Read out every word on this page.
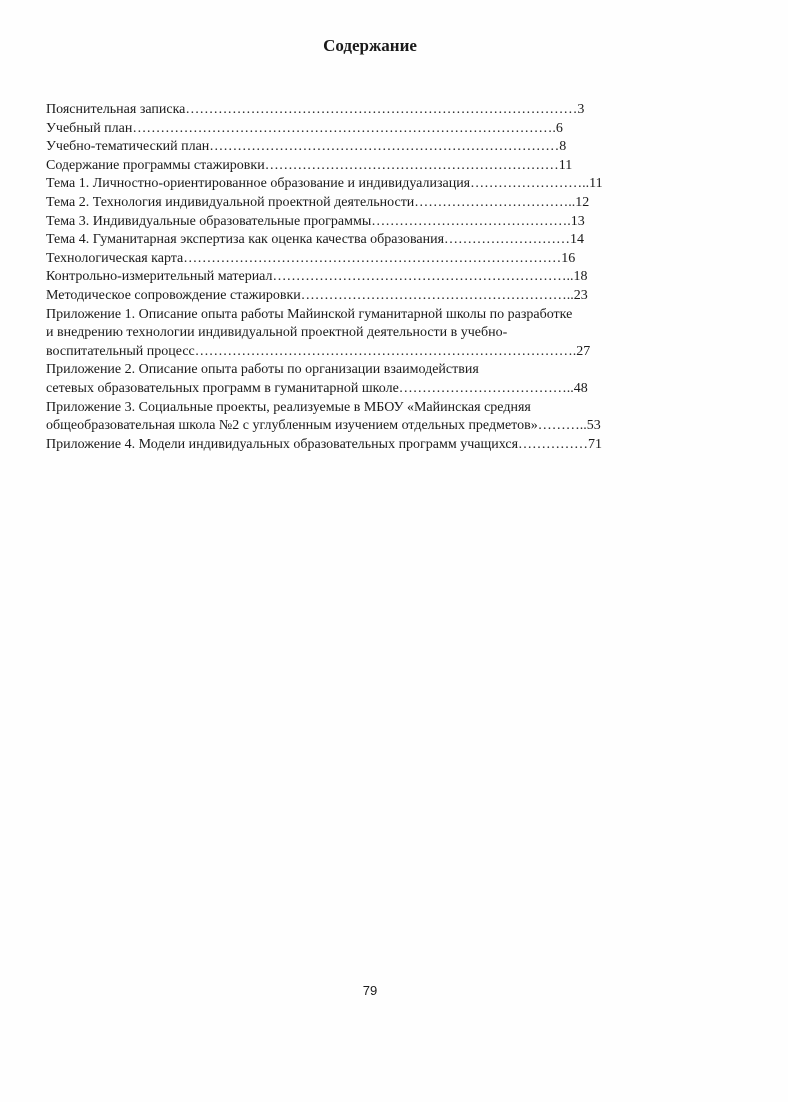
Содержание
Пояснительная записка…………………………………………………………………………3
Учебный план……………………………………………………………………………….6
Учебно-тематический план…………………………………………………………………8
Содержание программы стажировки………………………………………………………11
Тема 1. Личностно-ориентированное образование и индивидуализация……………………..11
Тема 2. Технология индивидуальной проектной деятельности……………………………..12
Тема 3. Индивидуальные образовательные программы…………………………………….13
Тема 4. Гуманитарная экспертиза как оценка качества образования………………………14
Технологическая карта………………………………………………………………………16
Контрольно-измерительный материал………………………………………………………..18
Методическое сопровождение стажировки…………………………………………………..23
Приложение 1. Описание опыта работы Майинской гуманитарной школы по разработке
и внедрению технологии индивидуальной проектной деятельности в учебно-
воспитательный процесс……………………………………………………………………….27
Приложение 2. Описание опыта работы по организации взаимодействия
сетевых образовательных программ в гуманитарной школе………………………………..48
Приложение 3. Социальные проекты, реализуемые в МБОУ «Майинская средняя
общеобразовательная школа №2 с углубленным изучением отдельных предметов»………..53
Приложение 4. Модели индивидуальных образовательных программ учащихся……………71
79
